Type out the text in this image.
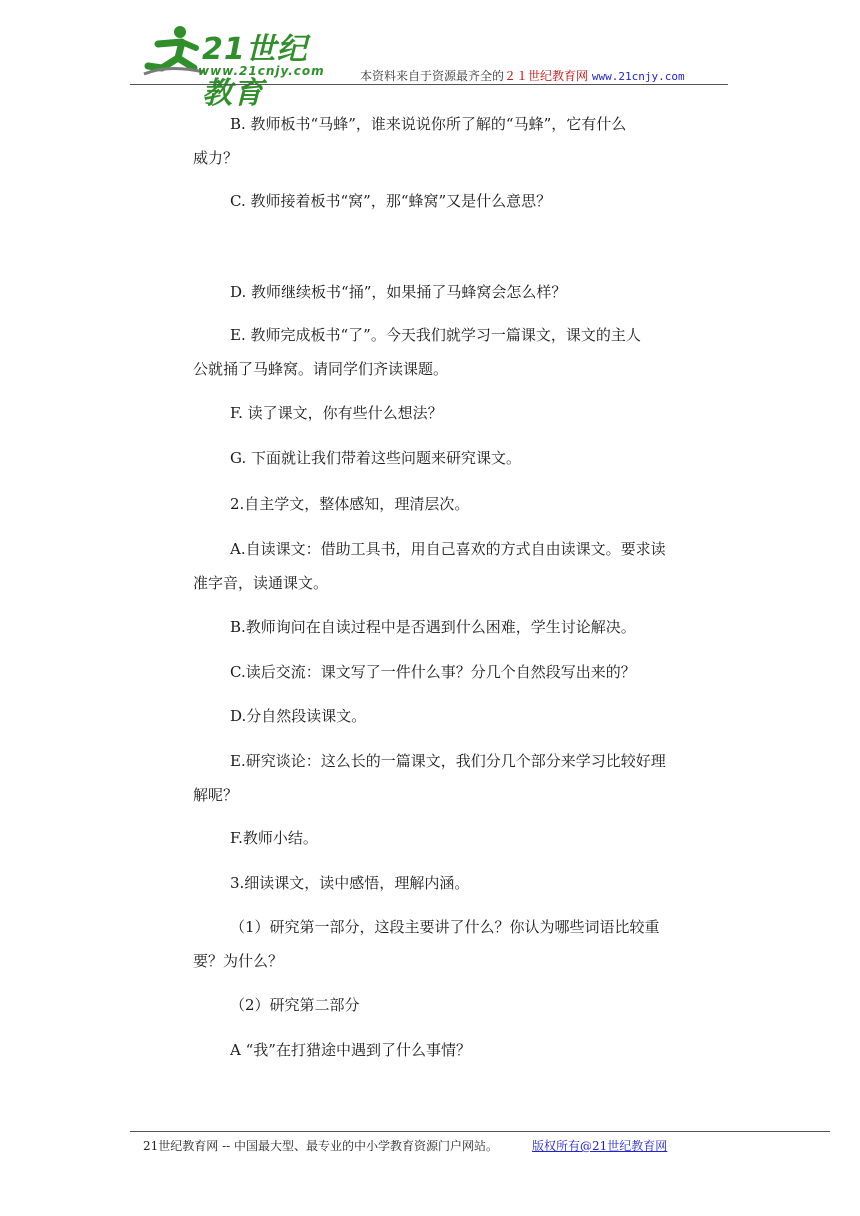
21世纪教育
www.21cnjy.com	本资料来自于资源最齐全的２１世纪教育网 www.21cnjy.com
B. 教师板书“马蜂”，谁来说说你所了解的“马蜂”，它有什么
威力？
C. 教师接着板书“窝”，那“蜂窝”又是什么意思？
D. 教师继续板书“捅”，如果捅了马蜂窝会怎么样？
E. 教师完成板书“了”。今天我们就学习一篇课文，课文的主人
公就捅了马蜂窝。请同学们齐读课题。
F. 读了课文，你有些什么想法？
G. 下面就让我们带着这些问题来研究课文。
2.自主学文，整体感知，理清层次。
A.自读课文：借助工具书，用自己喜欢的方式自由读课文。要求读
准字音，读通课文。
B.教师询问在自读过程中是否遇到什么困难，学生讨论解决。
C.读后交流：课文写了一件什么事？分几个自然段写出来的？
D.分自然段读课文。
E.研究谈论：这么长的一篇课文，我们分几个部分来学习比较好理
解呢？
F.教师小结。
3.细读课文，读中感悟，理解内涵。
（1）研究第一部分，这段主要讲了什么？你认为哪些词语比较重
要？为什么？
（2）研究第二部分
A “我”在打猎途中遇到了什么事情？
21世纪教育网 -- 中国最大型、最专业的中小学教育资源门户网站。	版权所有@21世纪教育网
